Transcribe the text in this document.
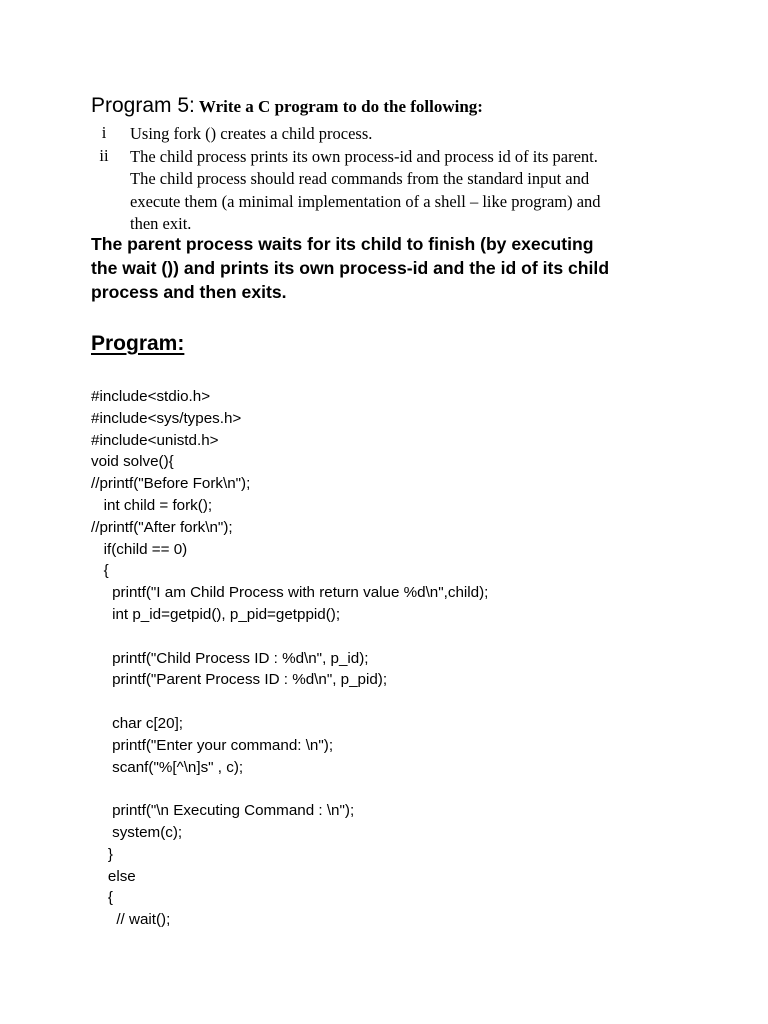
Program 5: Write a C program to do the following:
i	Using fork () creates a child process.
ii	The child process prints its own process-id and process id of its parent.
The child process should read commands from the standard input and
execute them (a minimal implementation of a shell – like program) and
then exit.
The parent process waits for its child to finish (by executing
the wait ()) and prints its own process-id and the id of its child
process and then exits.
Program:
#include<stdio.h>
#include<sys/types.h>
#include<unistd.h>
void solve(){
//printf("Before Fork\n");
int child = fork();
//printf("After fork\n");
if(child == 0)
{
printf("I am Child Process with return value %d\n",child);
int p_id=getpid(), p_pid=getppid();
printf("Child Process ID : %d\n", p_id);
printf("Parent Process ID : %d\n", p_pid);
char c[20];
printf("Enter your command: \n");
scanf("%[^\n]s" , c);
printf("\n Executing Command : \n");
system(c);
}
else
{
// wait();
